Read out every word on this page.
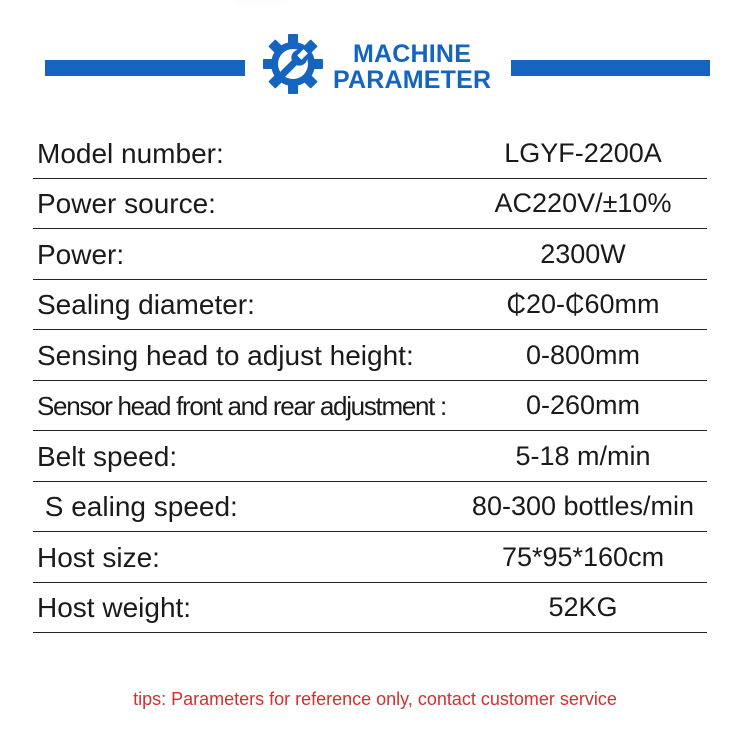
MACHINE
PARAMETER
Model number:	LGYF-2200A
Power source:	AC220V/±10%
Power:	2300W
Sealing diameter:	₵20-₵60mm
Sensing head to adjust height:	0-800mm
Sensor head front and rear adjustment :	0-260mm
Belt speed:	5-18 m/min
S ealing speed:	80-300 bottles/min
Host size:	75*95*160cm
Host weight:	52KG
tips: Parameters for reference only, contact customer service
